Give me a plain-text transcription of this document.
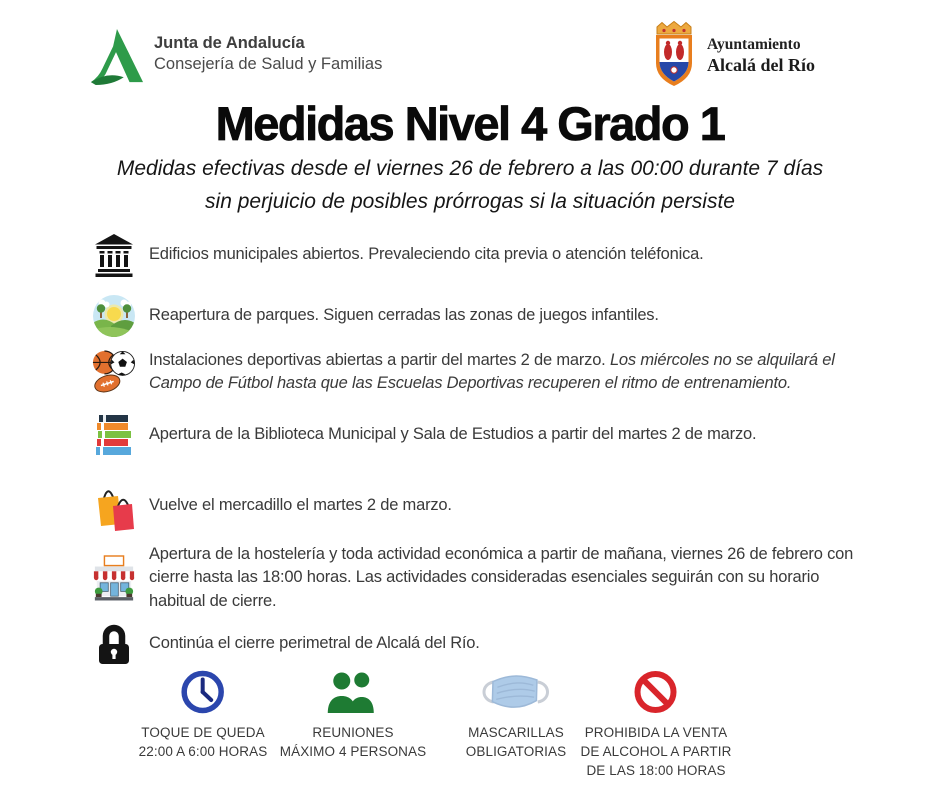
Junta de Andalucía
Consejería de Salud y Familias
Ayuntamiento
Alcalá del Río
Medidas Nivel 4 Grado 1
Medidas efectivas desde el viernes 26 de febrero a las 00:00 durante 7 días
sin perjuicio de posibles prórrogas si la situación persiste
Edificios municipales abiertos. Prevaleciendo cita previa o atención teléfonica.
Reapertura de parques. Siguen cerradas las zonas de juegos infantiles.
Instalaciones deportivas abiertas a partir del martes 2 de marzo. Los miércoles no se alquilará el Campo de Fútbol hasta que las Escuelas Deportivas recuperen el ritmo de entrenamiento.
Apertura de la Biblioteca Municipal y Sala de Estudios a partir del martes 2 de marzo.
Vuelve el mercadillo el martes 2 de marzo.
Apertura de la hostelería y toda actividad económica a partir de mañana, viernes 26 de febrero con cierre hasta las 18:00 horas. Las actividades consideradas esenciales seguirán con su horario habitual de cierre.
Continúa el cierre perimetral de Alcalá del Río.
TOQUE DE QUEDA
22:00 A 6:00 HORAS
REUNIONES
MÁXIMO 4 PERSONAS
MASCARILLAS
OBLIGATORIAS
PROHIBIDA LA VENTA
DE ALCOHOL A PARTIR
DE LAS 18:00 HORAS
